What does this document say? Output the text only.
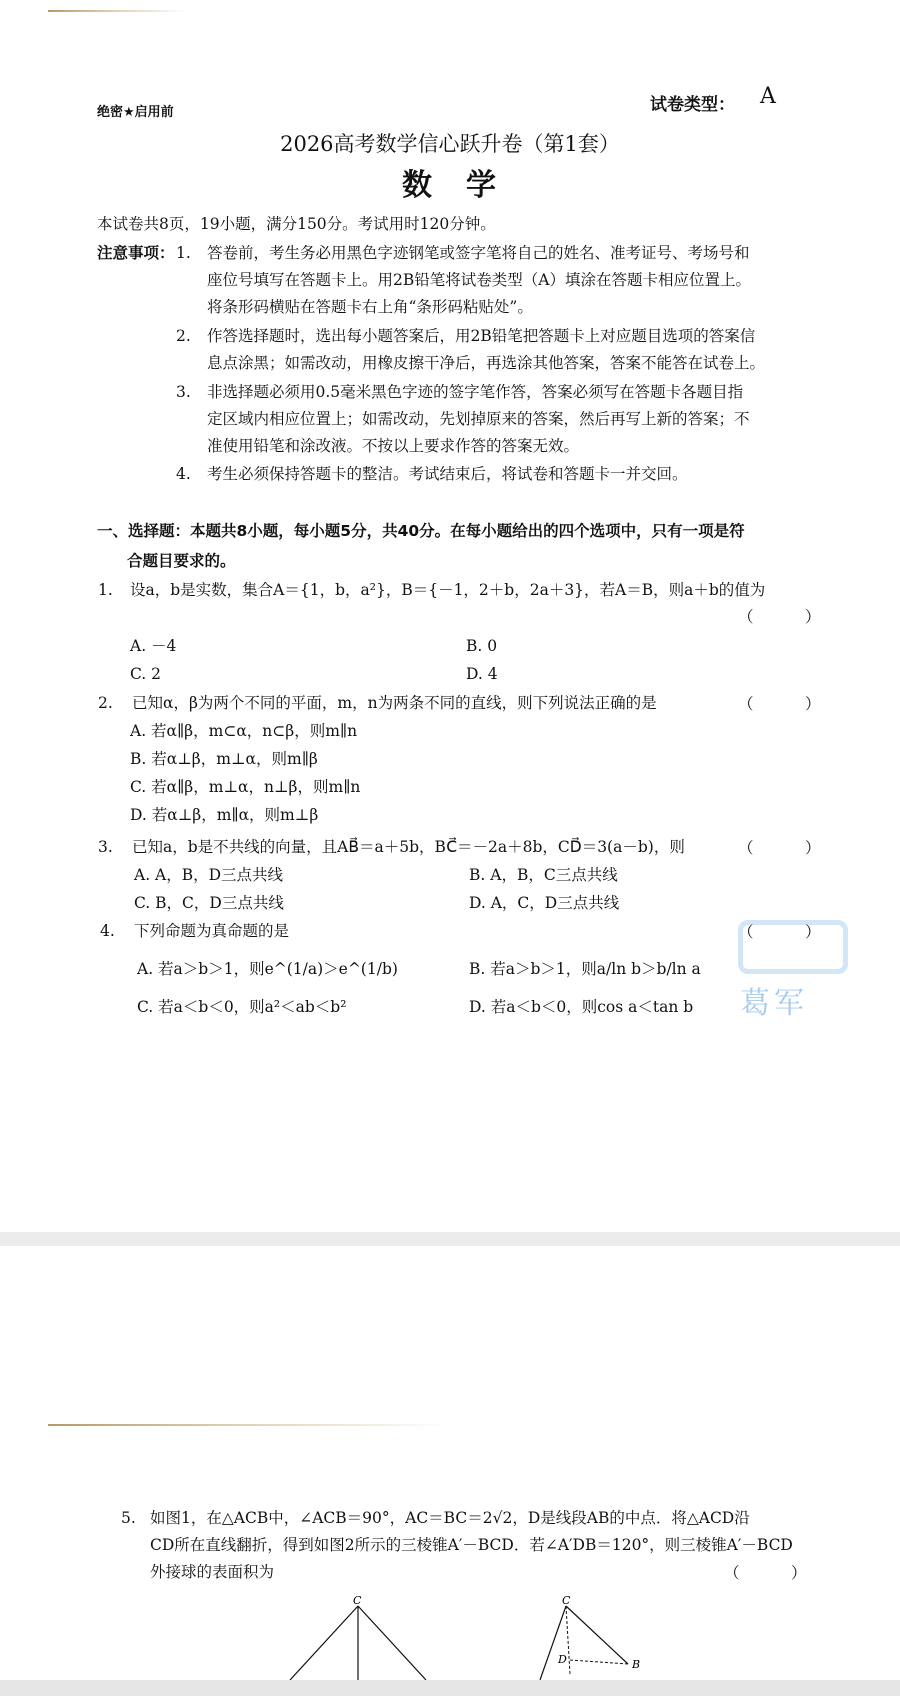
绝密★启用前	试卷类型： A
2026高考数学信心跃升卷（第1套）
数　学
本试卷共8页，19小题，满分150分。考试用时120分钟。
注意事项： 1. 答卷前，考生务必用黑色字迹钢笔或签字笔将自己的姓名、准考证号、考场号和
座位号填写在答题卡上。用2B铅笔将试卷类型（A）填涂在答题卡相应位置上。
将条形码横贴在答题卡右上角“条形码粘贴处”。
2. 作答选择题时，选出每小题答案后，用2B铅笔把答题卡上对应题目选项的答案信
息点涂黑；如需改动，用橡皮擦干净后，再选涂其他答案，答案不能答在试卷上。
3. 非选择题必须用0.5毫米黑色字迹的签字笔作答，答案必须写在答题卡各题目指
定区域内相应位置上；如需改动，先划掉原来的答案，然后再写上新的答案；不
准使用铅笔和涂改液。不按以上要求作答的答案无效。
4. 考生必须保持答题卡的整洁。考试结束后，将试卷和答题卡一并交回。
一、选择题：本题共8小题，每小题5分，共40分。在每小题给出的四个选项中，只有一项是符
合题目要求的。
1. 设a，b是实数，集合A＝{1，b，a²}，B＝{－1，2＋b，2a＋3}，若A＝B，则a＋b的值为
（　）
A. －4	B. 0
C. 2	D. 4
2. 已知α，β为两个不同的平面，m，n为两条不同的直线，则下列说法正确的是	（　）
A. 若α∥β，m⊂α，n⊂β，则m∥n
B. 若α⊥β，m⊥α，则m∥β
C. 若α∥β，m⊥α，n⊥β，则m∥n
D. 若α⊥β，m∥α，则m⊥β
3. 已知a，b是不共线的向量，且AB⃗＝a＋5b，BC⃗＝－2a＋8b，CD⃗＝3(a－b)，则	（　）
A. A，B，D三点共线	B. A，B，C三点共线
C. B，C，D三点共线	D. A，C，D三点共线
4. 下列命题为真命题的是	（　）
A. 若a＞b＞1，则e^(1/a)＞e^(1/b)	B. 若a＞b＞1，则a/ln b＞b/ln a
C. 若a＜b＜0，则a²＜ab＜b²	D. 若a＜b＜0，则cos a＜tan b 葛军
5. 如图1，在△ACB中，∠ACB＝90°，AC＝BC＝2√2，D是线段AB的中点．将△ACD沿
CD所在直线翻折，得到如图2所示的三棱锥A′－BCD．若∠A′DB＝120°，则三棱锥A′－BCD
外接球的表面积为	（　）
C	C
B
D
